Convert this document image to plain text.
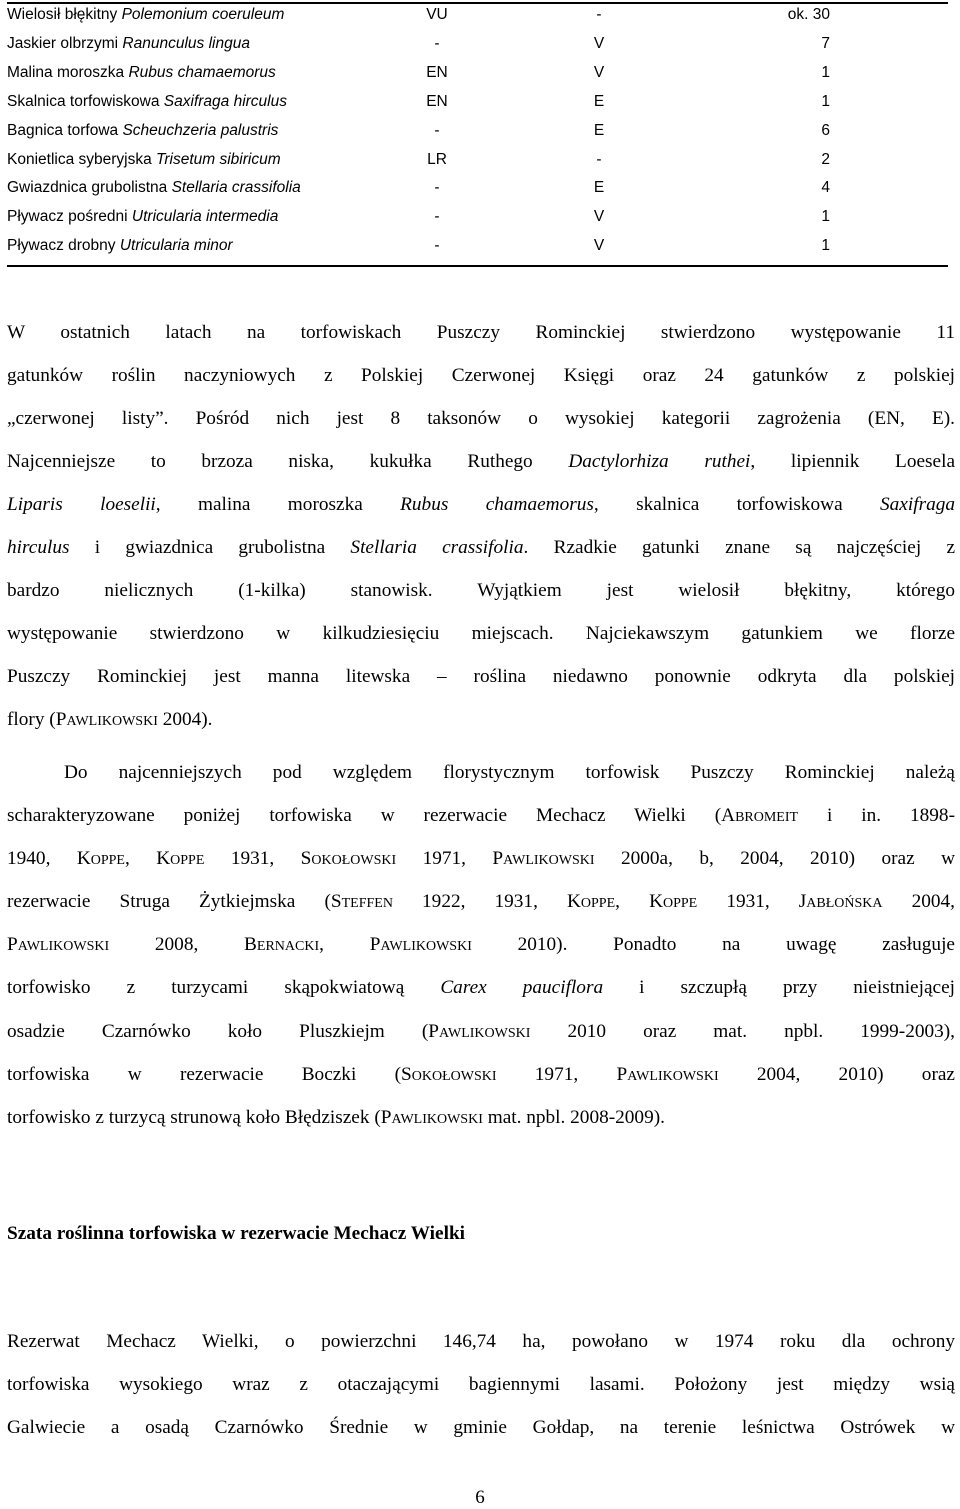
Wielosił błękitny Polemonium coeruleum	VU	-	ok. 30
Jaskier olbrzymi Ranunculus lingua	-	V	7
Malina moroszka Rubus chamaemorus	EN	V	1
Skalnica torfowiskowa Saxifraga hirculus	EN	E	1
Bagnica torfowa Scheuchzeria palustris	-	E	6
Konietlica syberyjska Trisetum sibiricum	LR	-	2
Gwiazdnica grubolistna Stellaria crassifolia	-	E	4
Pływacz pośredni Utricularia intermedia	-	V	1
Pływacz drobny Utricularia minor	-	V	1

W ostatnich latach na torfowiskach Puszczy Rominckiej stwierdzono występowanie 11
gatunków roślin naczyniowych z Polskiej Czerwonej Księgi oraz 24 gatunków z polskiej
„czerwonej listy”. Pośród nich jest 8 taksonów o wysokiej kategorii zagrożenia (EN, E).
Najcenniejsze to brzoza niska, kukułka Ruthego Dactylorhiza ruthei, lipiennik Loesela
Liparis loeselii, malina moroszka Rubus chamaemorus, skalnica torfowiskowa Saxifraga
hirculus i gwiazdnica grubolistna Stellaria crassifolia. Rzadkie gatunki znane są najczęściej z
bardzo nielicznych (1-kilka) stanowisk. Wyjątkiem jest wielosił błękitny, którego
występowanie stwierdzono w kilkudziesięciu miejscach. Najciekawszym gatunkiem we florze
Puszczy Rominckiej jest manna litewska – roślina niedawno ponownie odkryta dla polskiej
flory (Pawlikowski 2004).

Do najcenniejszych pod względem florystycznym torfowisk Puszczy Rominckiej należą
scharakteryzowane poniżej torfowiska w rezerwacie Mechacz Wielki (Abromeit i in. 1898-
1940, Koppe, Koppe 1931, Sokołowski 1971, Pawlikowski 2000a, b, 2004, 2010) oraz w
rezerwacie Struga Żytkiejmska (Steffen 1922, 1931, Koppe, Koppe 1931, Jabłońska 2004,
Pawlikowski 2008, Bernacki, Pawlikowski 2010). Ponadto na uwagę zasługuje
torfowisko z turzycami skąpokwiatową Carex pauciflora i szczupłą przy nieistniejącej
osadzie Czarnówko koło Pluszkiejm (Pawlikowski 2010 oraz mat. npbl. 1999-2003),
torfowiska w rezerwacie Boczki (Sokołowski 1971, Pawlikowski 2004, 2010) oraz
torfowisko z turzycą strunową koło Błędziszek (Pawlikowski mat. npbl. 2008-2009).

Szata roślinna torfowiska w rezerwacie Mechacz Wielki

Rezerwat Mechacz Wielki, o powierzchni 146,74 ha, powołano w 1974 roku dla ochrony
torfowiska wysokiego wraz z otaczającymi bagiennymi lasami. Położony jest między wsią
Galwiecie a osadą Czarnówko Średnie w gminie Gołdap, na terenie leśnictwa Ostrówek w

6
